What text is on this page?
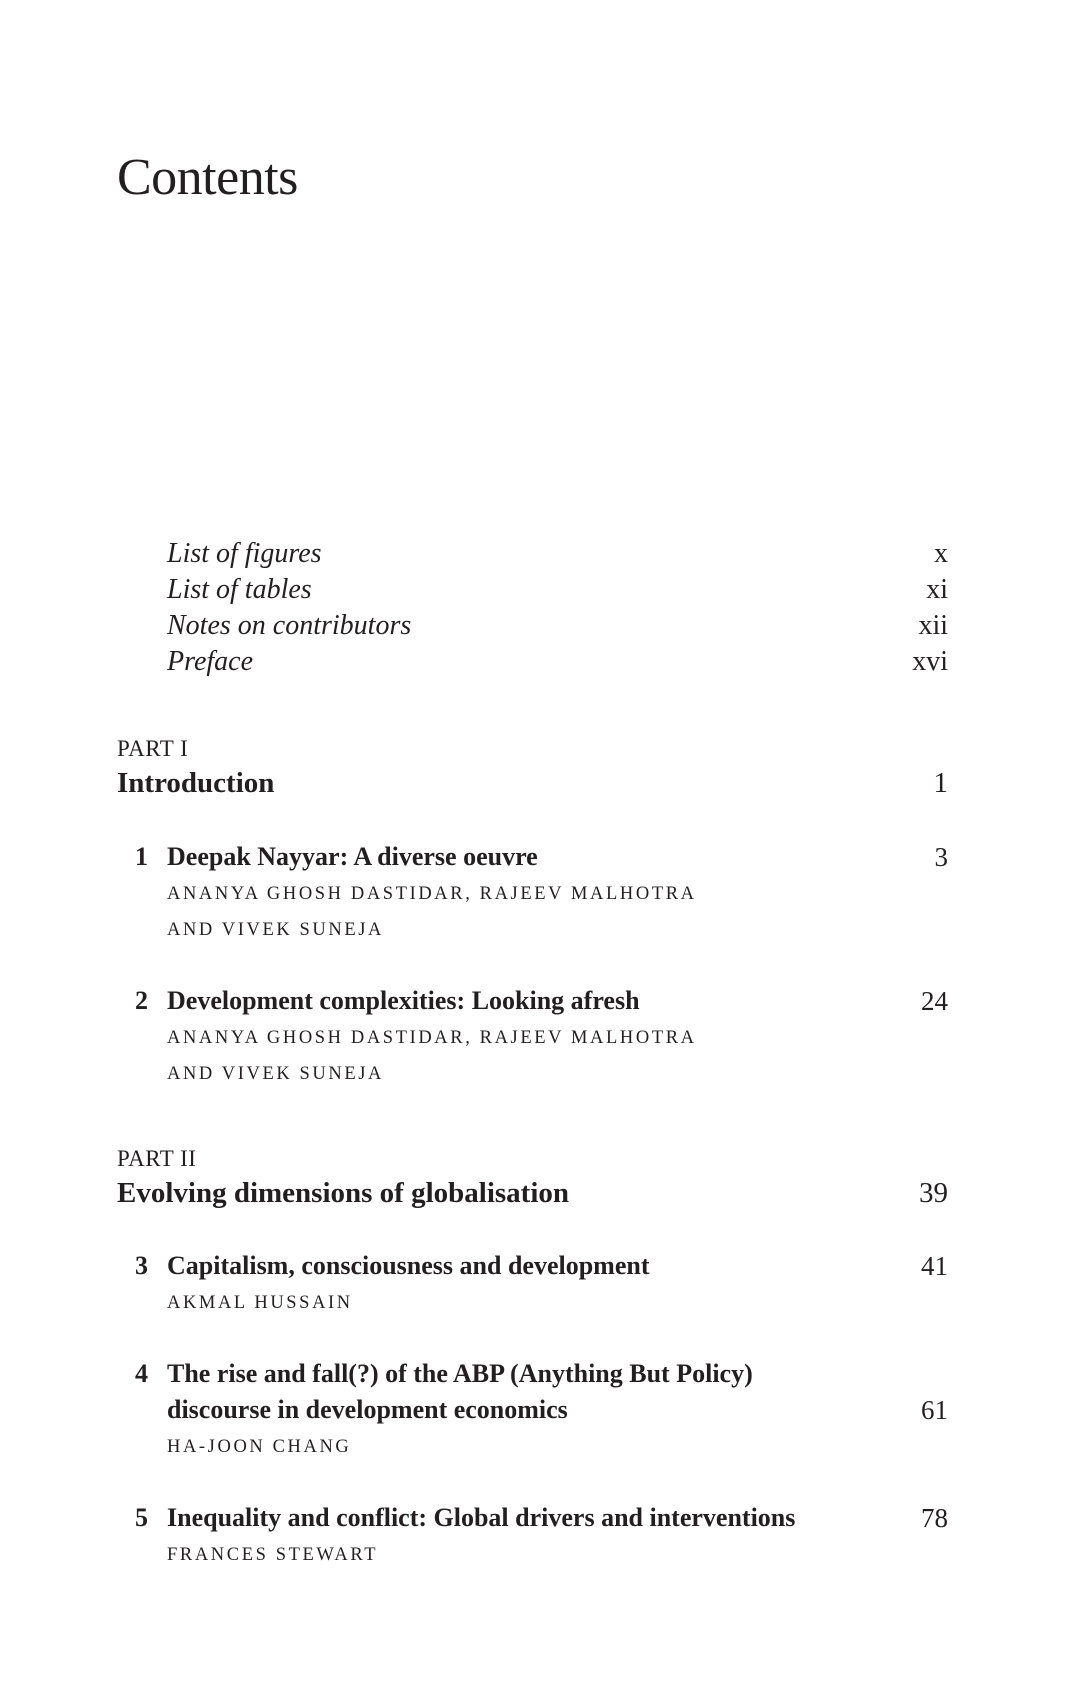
Contents
List of figures	x
List of tables	xi
Notes on contributors	xii
Preface	xvi
PART I
Introduction	1
1 Deepak Nayyar: A diverse oeuvre	3
ANANYA GHOSH DASTIDAR, RAJEEV MALHOTRA
AND VIVEK SUNEJA
2 Development complexities: Looking afresh	24
ANANYA GHOSH DASTIDAR, RAJEEV MALHOTRA
AND VIVEK SUNEJA
PART II
Evolving dimensions of globalisation	39
3 Capitalism, consciousness and development	41
AKMAL HUSSAIN
4 The rise and fall(?) of the ABP (Anything But Policy)
discourse in development economics	61
HA-JOON CHANG
5 Inequality and conflict: Global drivers and interventions	78
FRANCES STEWART
